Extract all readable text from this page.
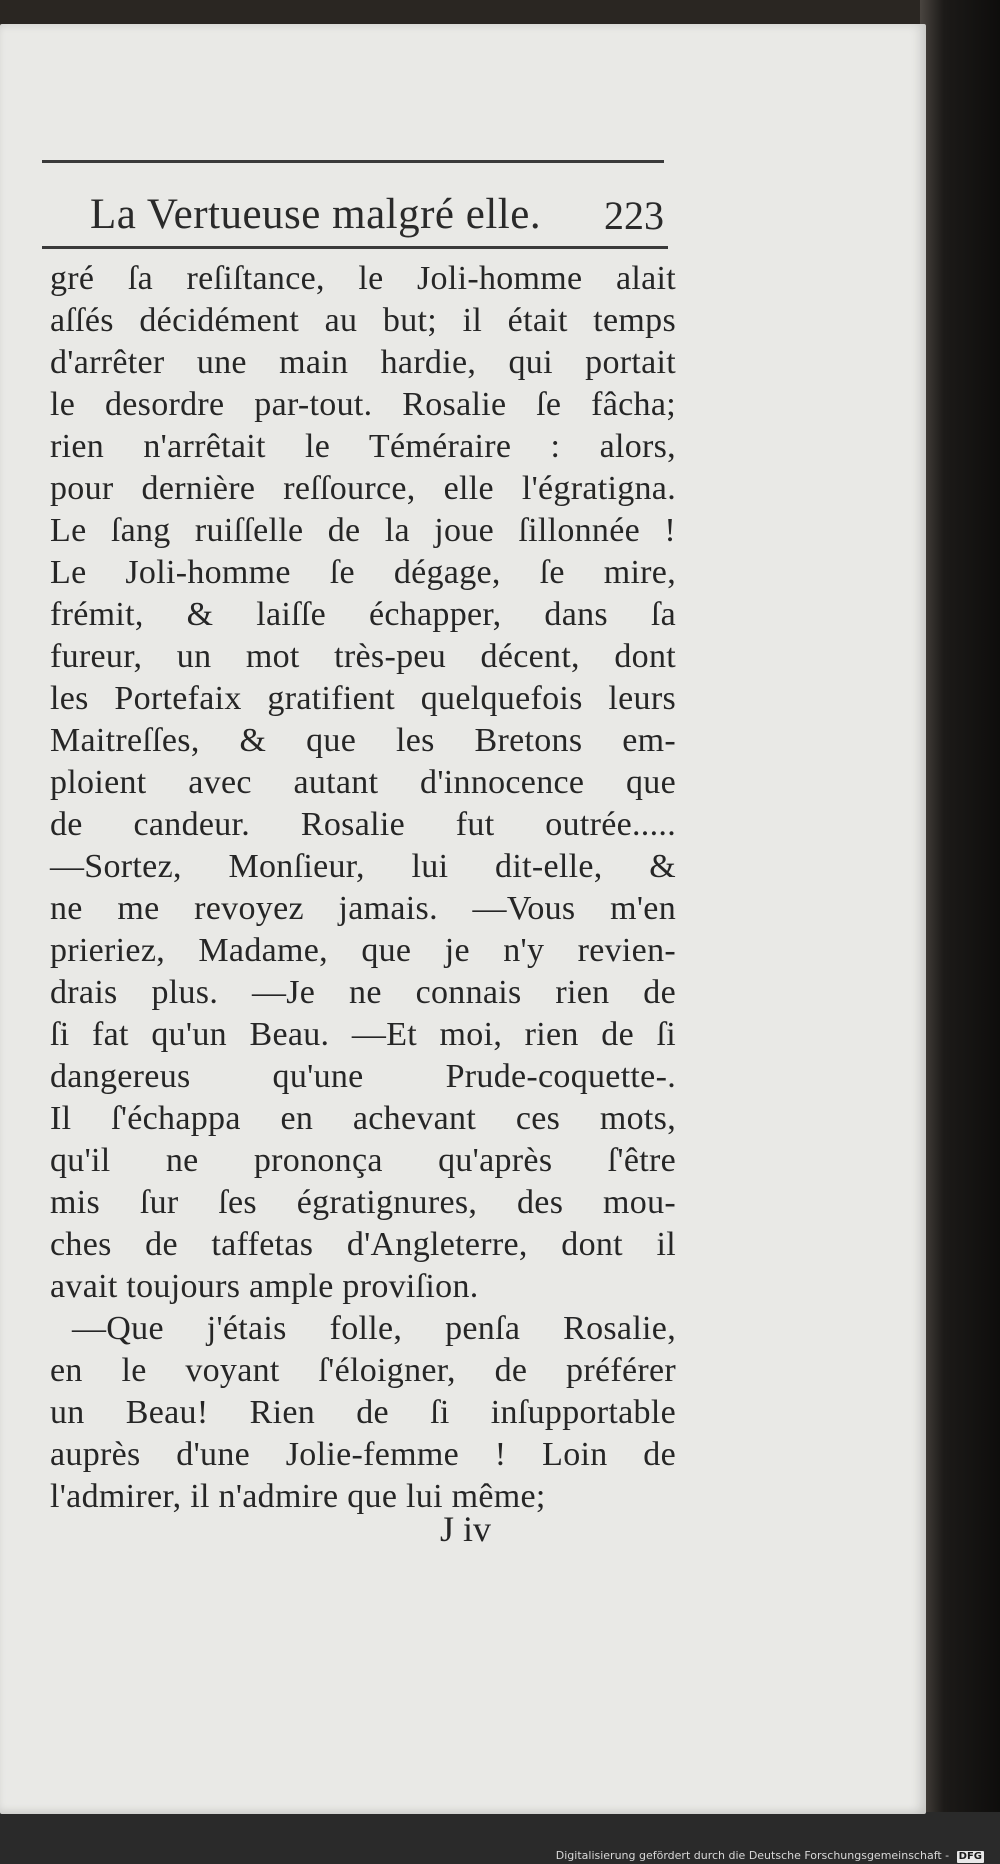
La Vertueuse malgré elle. 223
gré ſa reſiſtance, le Joli-homme alait
aſſés décidément au but; il était temps
d'arrêter une main hardie, qui portait
le desordre par-tout. Rosalie ſe fâcha;
rien n'arrêtait le Téméraire : alors,
pour dernière reſſource, elle l'égratigna.
Le ſang ruiſſelle de la joue ſillonnée !
Le Joli-homme ſe dégage, ſe mire,
frémit, & laiſſe échapper, dans ſa
fureur, un mot très-peu décent, dont
les Portefaix gratifient quelquefois leurs
Maitreſſes, & que les Bretons em-
ploient avec autant d'innocence que
de candeur. Rosalie fut outrée.....
—Sortez, Monſieur, lui dit-elle, &
ne me revoyez jamais. —Vous m'en
prieriez, Madame, que je n'y revien-
drais plus. —Je ne connais rien de
ſi fat qu'un Beau. —Et moi, rien de ſi
dangereus qu'une Prude-coquette-.
Il ſ'échappa en achevant ces mots,
qu'il ne prononça qu'après ſ'être
mis ſur ſes égratignures, des mou-
ches de taffetas d'Angleterre, dont il
avait toujours ample proviſion.
—Que j'étais folle, penſa Rosalie,
en le voyant ſ'éloigner, de préférer
un Beau! Rien de ſi inſupportable
auprès d'une Jolie-femme ! Loin de
l'admirer, il n'admire que lui même;
J iv
Digitalisierung gefördert durch die Deutsche Forschungsgemeinschaft - DFG
